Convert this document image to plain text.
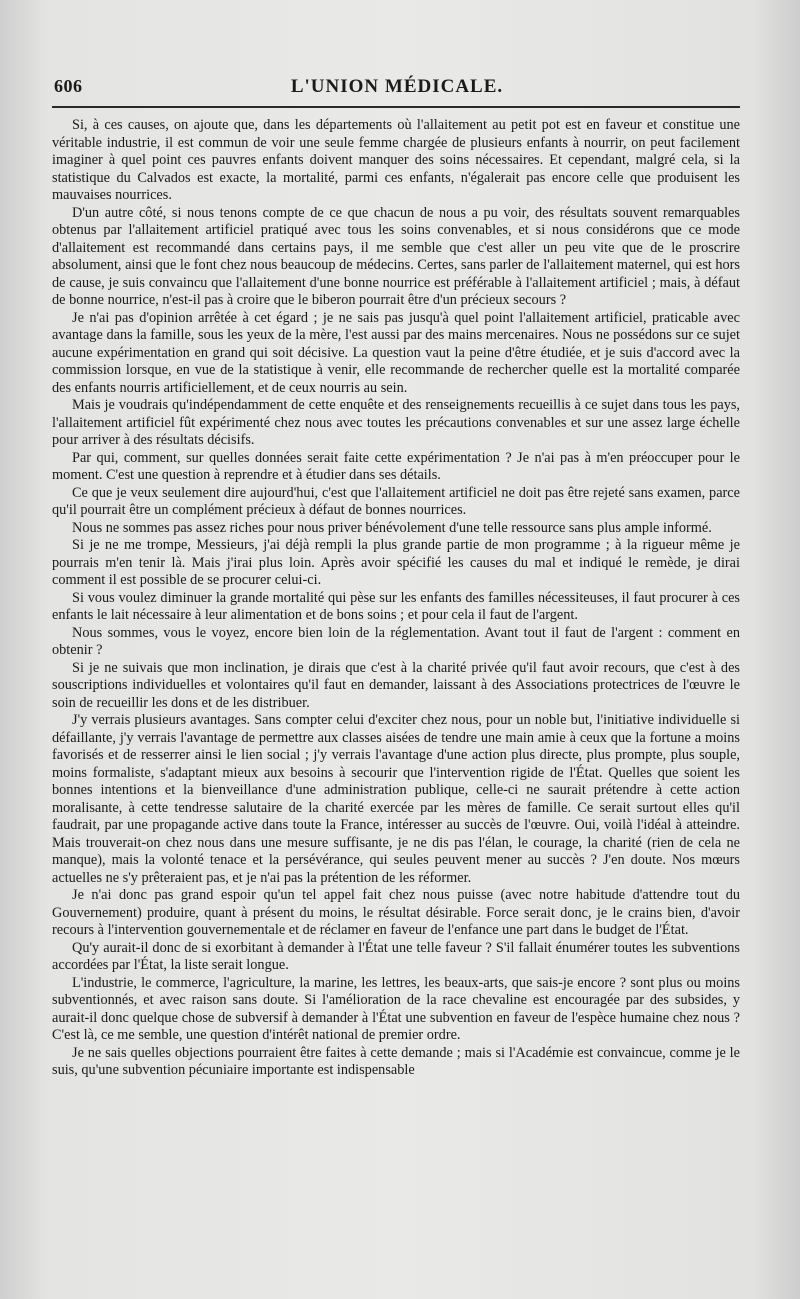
606	L'UNION MÉDICALE.

Si, à ces causes, on ajoute que, dans les départements où l'allaitement au petit pot est en faveur et constitue une véritable industrie, il est commun de voir une seule femme chargée de plusieurs enfants à nourrir, on peut facilement imaginer à quel point ces pauvres enfants doivent manquer des soins nécessaires. Et cependant, malgré cela, si la statistique du Calvados est exacte, la mortalité, parmi ces enfants, n'égalerait pas encore celle que produisent les mauvaises nourrices.

D'un autre côté, si nous tenons compte de ce que chacun de nous a pu voir, des résultats souvent remarquables obtenus par l'allaitement artificiel pratiqué avec tous les soins convenables, et si nous considérons que ce mode d'allaitement est recommandé dans certains pays, il me semble que c'est aller un peu vite que de le proscrire absolument, ainsi que le font chez nous beaucoup de médecins. Certes, sans parler de l'allaitement maternel, qui est hors de cause, je suis convaincu que l'allaitement d'une bonne nourrice est préférable à l'allaitement artificiel ; mais, à défaut de bonne nourrice, n'est-il pas à croire que le biberon pourrait être d'un précieux secours ?

Je n'ai pas d'opinion arrêtée à cet égard ; je ne sais pas jusqu'à quel point l'allaitement artificiel, praticable avec avantage dans la famille, sous les yeux de la mère, l'est aussi par des mains mercenaires. Nous ne possédons sur ce sujet aucune expérimentation en grand qui soit décisive. La question vaut la peine d'être étudiée, et je suis d'accord avec la commission lorsque, en vue de la statistique à venir, elle recommande de rechercher quelle est la mortalité comparée des enfants nourris artificiellement, et de ceux nourris au sein.

Mais je voudrais qu'indépendamment de cette enquête et des renseignements recueillis à ce sujet dans tous les pays, l'allaitement artificiel fût expérimenté chez nous avec toutes les précautions convenables et sur une assez large échelle pour arriver à des résultats décisifs.

Par qui, comment, sur quelles données serait faite cette expérimentation ? Je n'ai pas à m'en préoccuper pour le moment. C'est une question à reprendre et à étudier dans ses détails.

Ce que je veux seulement dire aujourd'hui, c'est que l'allaitement artificiel ne doit pas être rejeté sans examen, parce qu'il pourrait être un complément précieux à défaut de bonnes nourrices.

Nous ne sommes pas assez riches pour nous priver bénévolement d'une telle ressource sans plus ample informé.

Si je ne me trompe, Messieurs, j'ai déjà rempli la plus grande partie de mon programme ; à la rigueur même je pourrais m'en tenir là. Mais j'irai plus loin. Après avoir spécifié les causes du mal et indiqué le remède, je dirai comment il est possible de se procurer celui-ci.

Si vous voulez diminuer la grande mortalité qui pèse sur les enfants des familles nécessiteuses, il faut procurer à ces enfants le lait nécessaire à leur alimentation et de bons soins ; et pour cela il faut de l'argent.

Nous sommes, vous le voyez, encore bien loin de la réglementation. Avant tout il faut de l'argent : comment en obtenir ?

Si je ne suivais que mon inclination, je dirais que c'est à la charité privée qu'il faut avoir recours, que c'est à des souscriptions individuelles et volontaires qu'il faut en demander, laissant à des Associations protectrices de l'œuvre le soin de recueillir les dons et de les distribuer.

J'y verrais plusieurs avantages. Sans compter celui d'exciter chez nous, pour un noble but, l'initiative individuelle si défaillante, j'y verrais l'avantage de permettre aux classes aisées de tendre une main amie à ceux que la fortune a moins favorisés et de resserrer ainsi le lien social ; j'y verrais l'avantage d'une action plus directe, plus prompte, plus souple, moins formaliste, s'adaptant mieux aux besoins à secourir que l'intervention rigide de l'État. Quelles que soient les bonnes intentions et la bienveillance d'une administration publique, celle-ci ne saurait prétendre à cette action moralisante, à cette tendresse salutaire de la charité exercée par les mères de famille. Ce serait surtout elles qu'il faudrait, par une propagande active dans toute la France, intéresser au succès de l'œuvre. Oui, voilà l'idéal à atteindre. Mais trouverait-on chez nous dans une mesure suffisante, je ne dis pas l'élan, le courage, la charité (rien de cela ne manque), mais la volonté tenace et la persévérance, qui seules peuvent mener au succès ? J'en doute. Nos mœurs actuelles ne s'y prêteraient pas, et je n'ai pas la prétention de les réformer.

Je n'ai donc pas grand espoir qu'un tel appel fait chez nous puisse (avec notre habitude d'attendre tout du Gouvernement) produire, quant à présent du moins, le résultat désirable. Force serait donc, je le crains bien, d'avoir recours à l'intervention gouvernementale et de réclamer en faveur de l'enfance une part dans le budget de l'État.

Qu'y aurait-il donc de si exorbitant à demander à l'État une telle faveur ? S'il fallait énumérer toutes les subventions accordées par l'État, la liste serait longue.

L'industrie, le commerce, l'agriculture, la marine, les lettres, les beaux-arts, que sais-je encore ? sont plus ou moins subventionnés, et avec raison sans doute. Si l'amélioration de la race chevaline est encouragée par des subsides, y aurait-il donc quelque chose de subversif à demander à l'État une subvention en faveur de l'espèce humaine chez nous ? C'est là, ce me semble, une question d'intérêt national de premier ordre.

Je ne sais quelles objections pourraient être faites à cette demande ; mais si l'Académie est convaincue, comme je le suis, qu'une subvention pécuniaire importante est indispensable
